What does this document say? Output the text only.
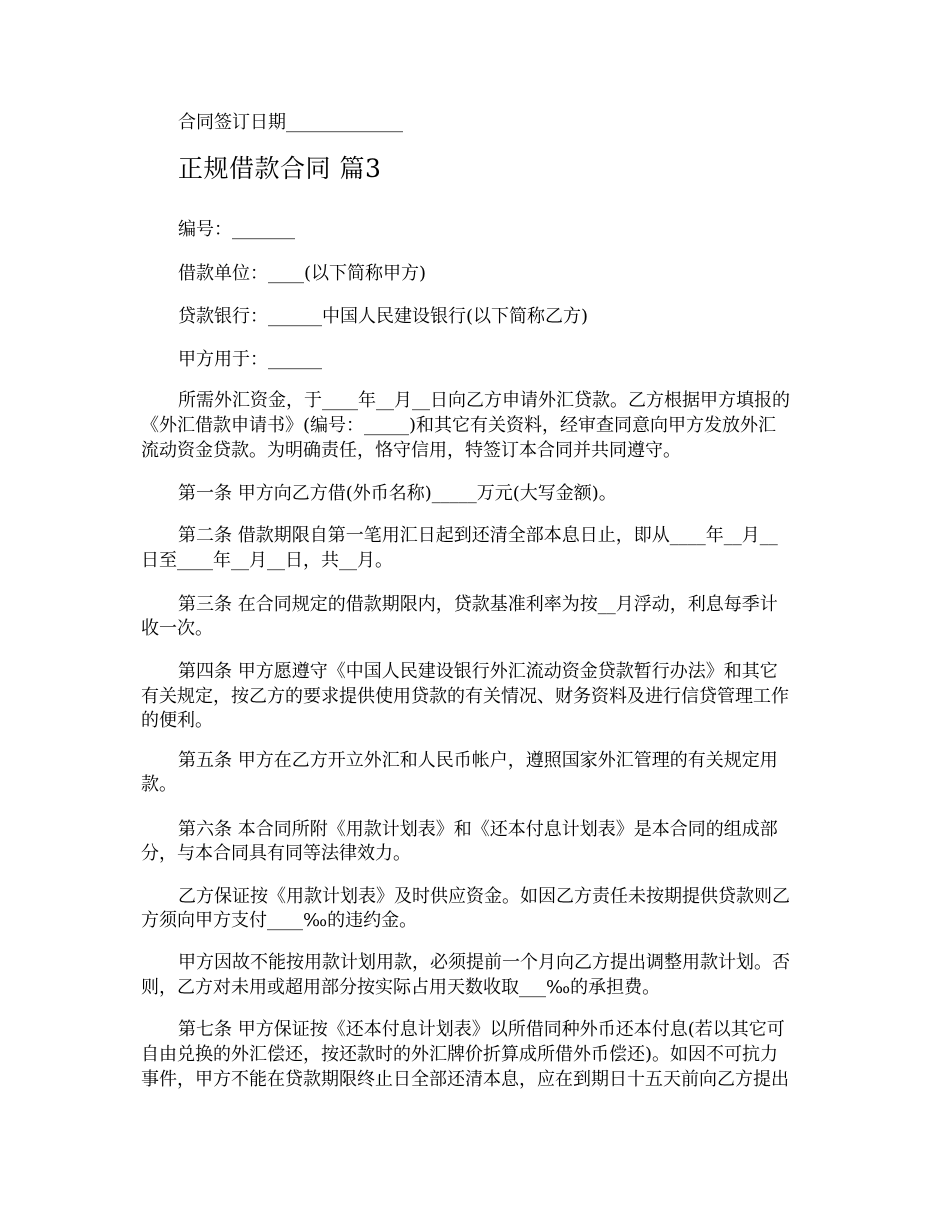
合同签订日期_____________
正规借款合同 篇3
编号：_______
借款单位：____(以下简称甲方)
贷款银行：______中国人民建设银行(以下简称乙方)
甲方用于：______
所需外汇资金，于____年__月__日向乙方申请外汇贷款。乙方根据甲方填报的
《外汇借款申请书》(编号：_____)和其它有关资料，经审查同意向甲方发放外汇
流动资金贷款。为明确责任，恪守信用，特签订本合同并共同遵守。
第一条 甲方向乙方借(外币名称)_____万元(大写金额)。
第二条 借款期限自第一笔用汇日起到还清全部本息日止，即从____年__月__
日至____年__月__日，共__月。
第三条 在合同规定的借款期限内，贷款基准利率为按__月浮动，利息每季计
收一次。
第四条 甲方愿遵守《中国人民建设银行外汇流动资金贷款暂行办法》和其它
有关规定，按乙方的要求提供使用贷款的有关情况、财务资料及进行信贷管理工作
的便利。
第五条 甲方在乙方开立外汇和人民币帐户，遵照国家外汇管理的有关规定用
款。
第六条 本合同所附《用款计划表》和《还本付息计划表》是本合同的组成部
分，与本合同具有同等法律效力。
乙方保证按《用款计划表》及时供应资金。如因乙方责任未按期提供贷款则乙
方须向甲方支付____‰的违约金。
甲方因故不能按用款计划用款，必须提前一个月向乙方提出调整用款计划。否
则，乙方对未用或超用部分按实际占用天数收取___‰的承担费。
第七条 甲方保证按《还本付息计划表》以所借同种外币还本付息(若以其它可
自由兑换的外汇偿还，按还款时的外汇牌价折算成所借外币偿还)。如因不可抗力
事件，甲方不能在贷款期限终止日全部还清本息，应在到期日十五天前向乙方提出
